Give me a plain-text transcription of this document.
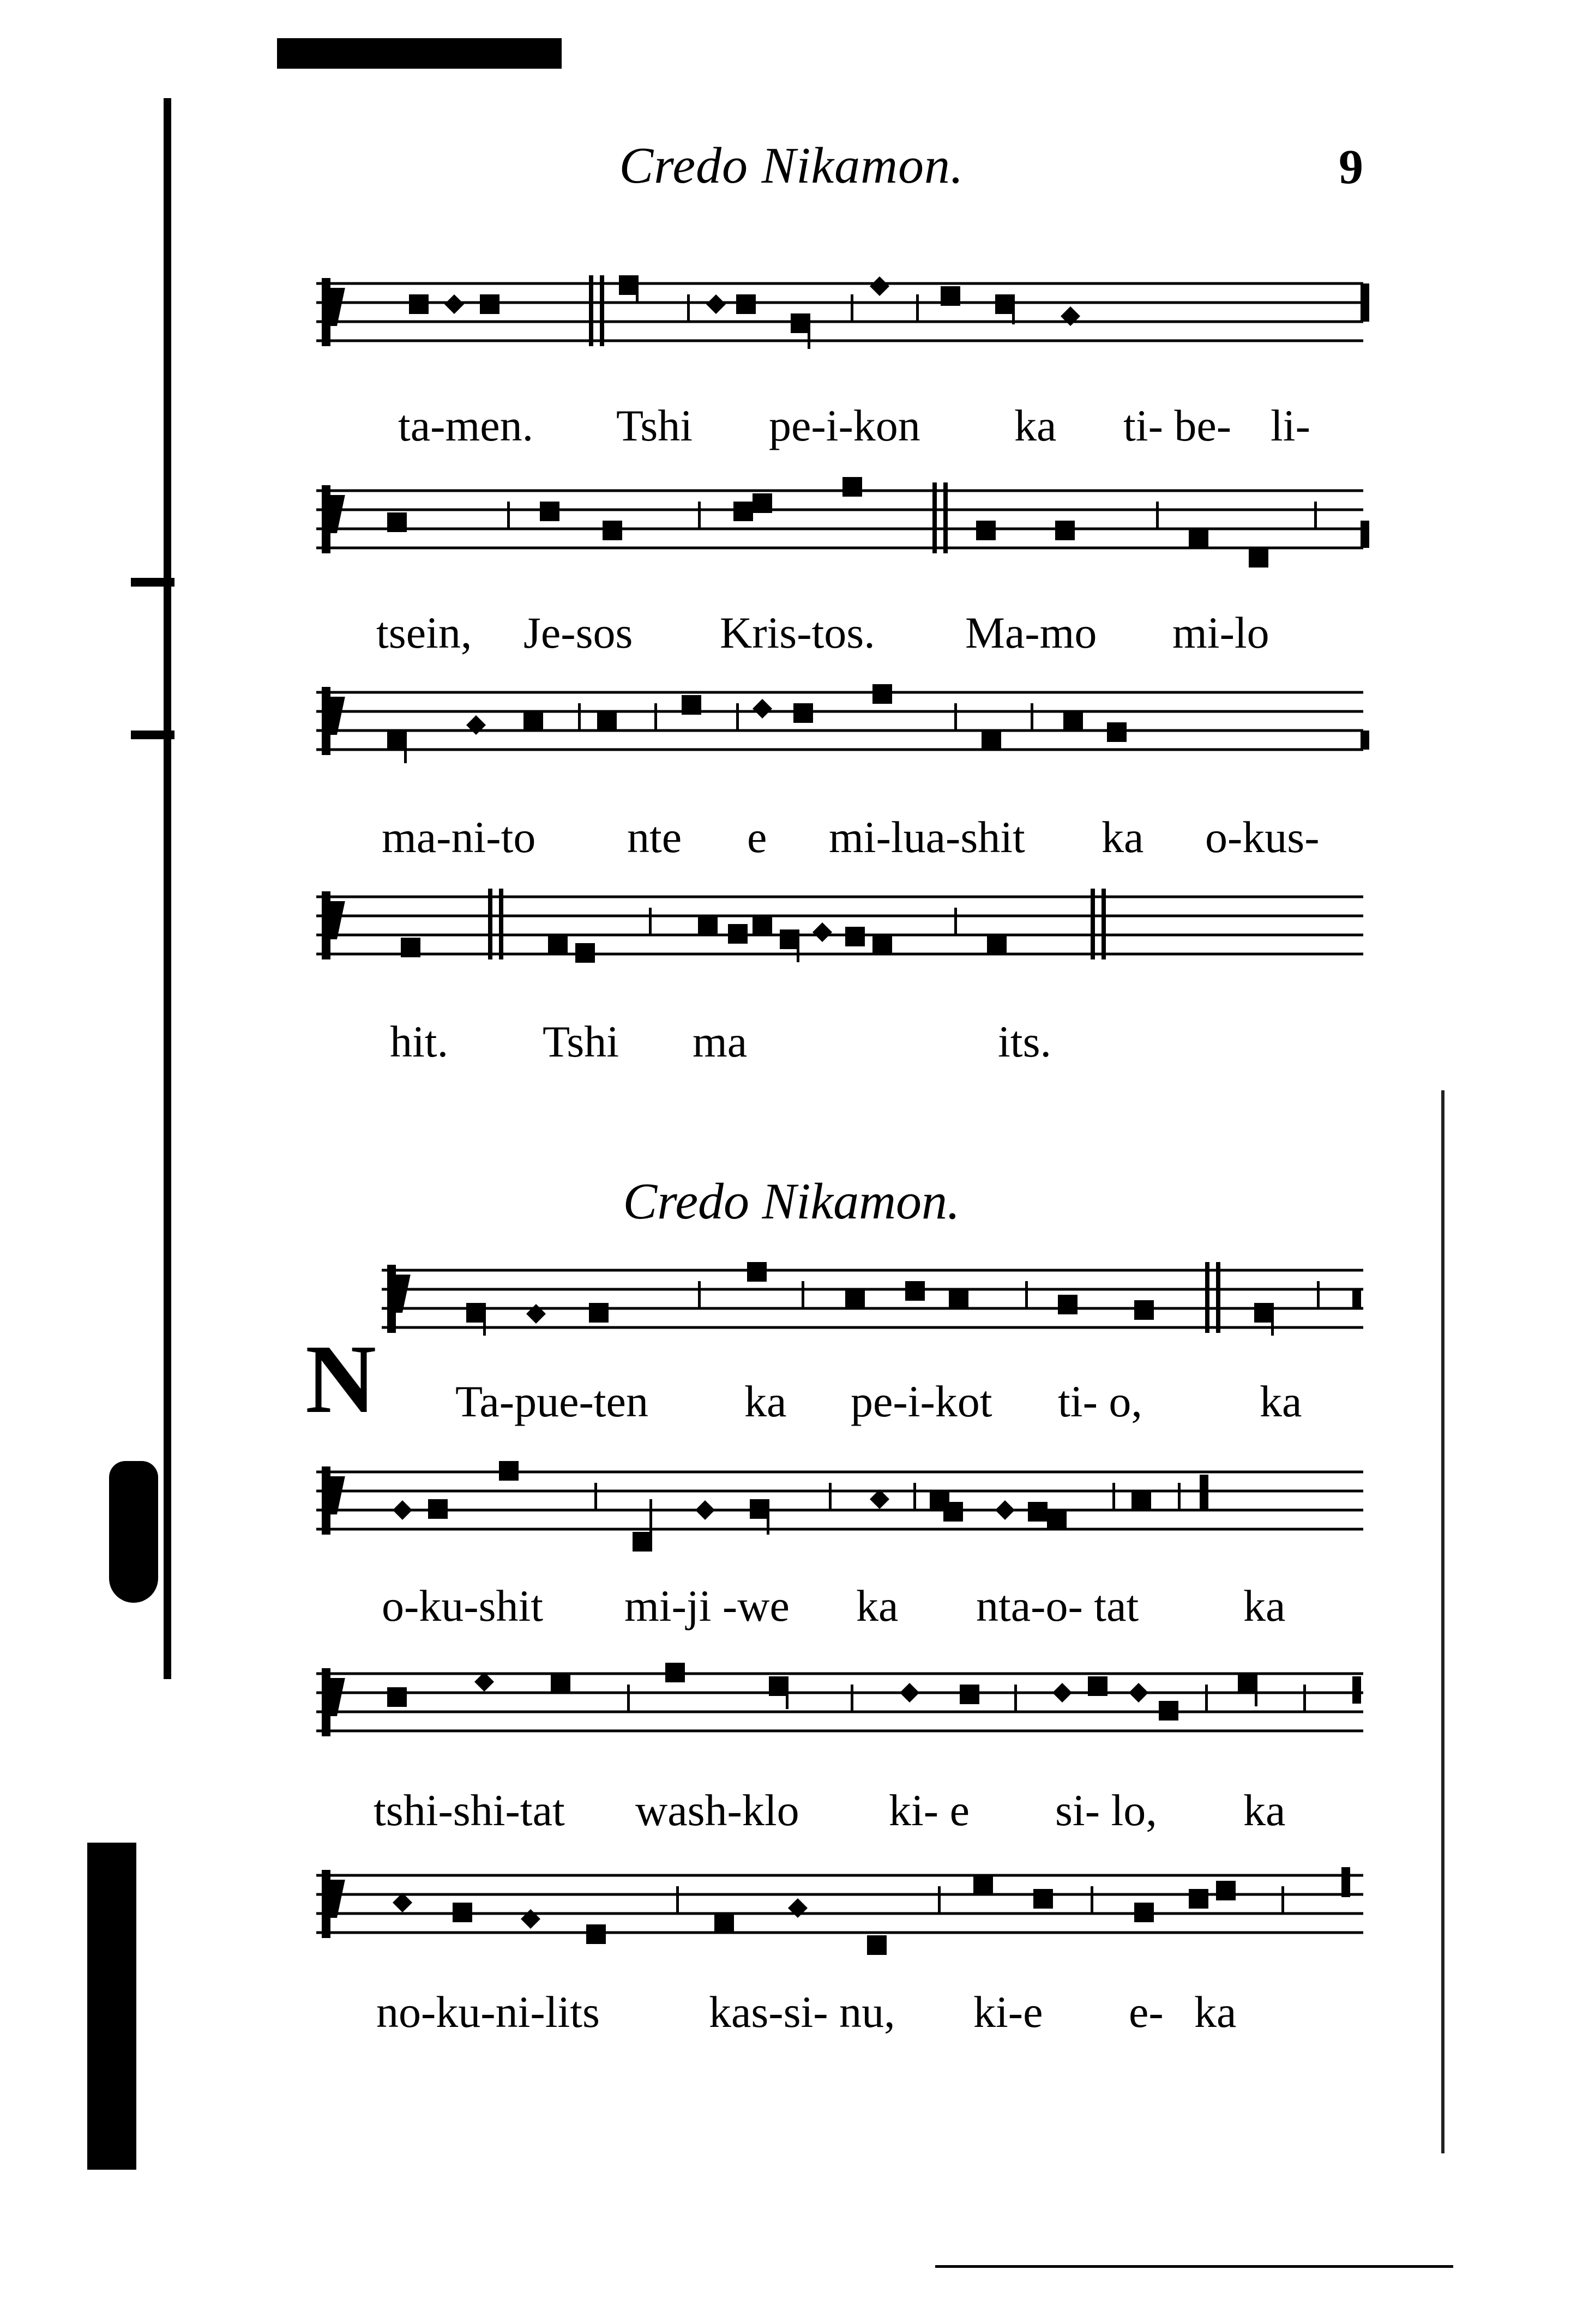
Credo Nikamon.	9
Credo Nikamon.
N
ta-men. Tshi pe-i-kon ka ti- be- li-
tsein, Je-sos Kris-tos. Ma-mo mi-lo
ma-ni-to nte e mi-lua-shit ka o-kus-
hit. Tshi ma	its.
Ta-pue-ten ka pe-i-kot ti- o,	ka
o-ku-shit mi-ji -we ka nta-o- tat ka
tshi-shi-tat wash-klo ki- e si- lo, ka
no-ku-ni-lits kas-si- nu, ki-e e- ka
